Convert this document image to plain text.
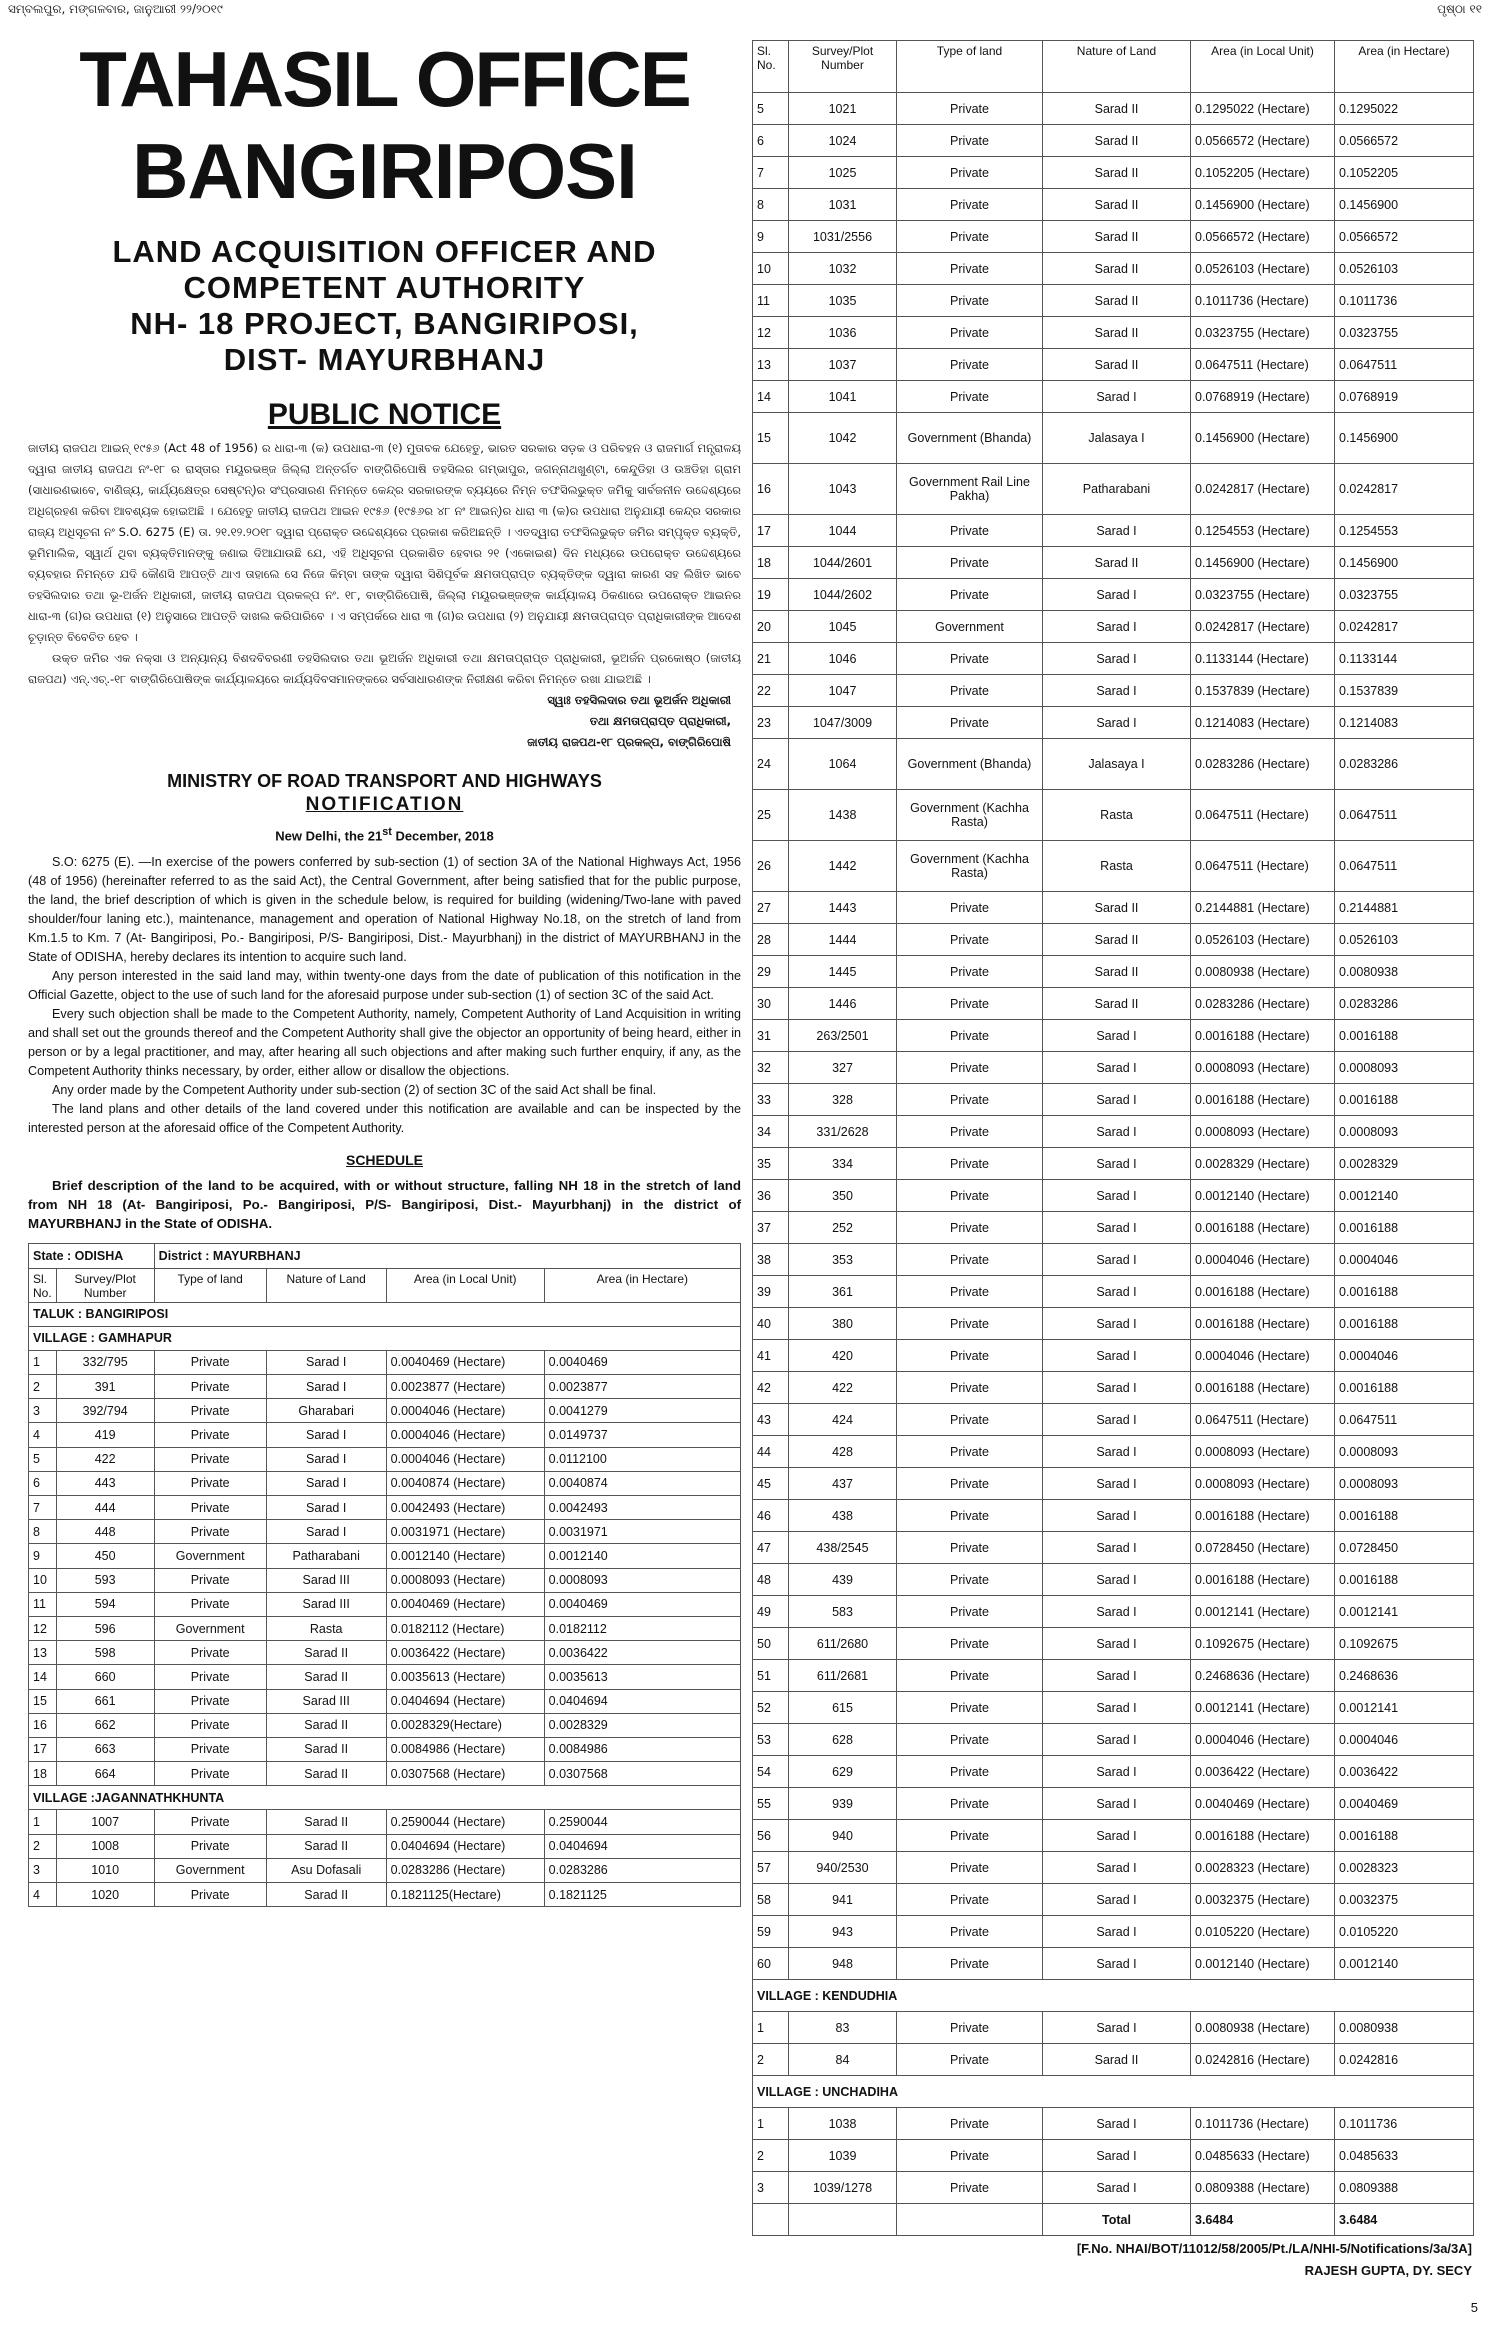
ସମ୍ବଲପୁର, ମଙ୍ଗଳବାର, ଜାନୁଆରୀ ୨୨/୨୦୧୯	ପୃଷ୍ଠା ୧୧
TAHASIL OFFICE
BANGIRIPOSI
LAND ACQUISITION OFFICER AND
COMPETENT AUTHORITY
NH- 18 PROJECT, BANGIRIPOSI,
DIST- MAYURBHANJ
PUBLIC NOTICE

ଜାତୀୟ ରାଜପଥ ଆଇନ୍ ୧୯୫୬ (Act 48 of 1956) ର ଧାରା-୩ (କ) ଉପଧାରା-୩ (୧) ମୁତାବକ ଯେହେତୁ, ଭାରତ ସରକାର ସଡ଼କ ଓ ପରିବହନ ଓ ରାଜମାର୍ଗ ମନ୍ତ୍ରାଳୟ ଦ୍ୱାରା ଜାତୀୟ ରାଜପଥ ନଂ-୧୮ ର ରାସ୍ତାର ମୟୂରଭଞ୍ଜ ଜିଲ୍ଲା ଅନ୍ତର୍ଗତ ବାଙ୍ଗିରିପୋଷି ତହସିଲର ଗମ୍ଭାପୁର, ଜଗନ୍ନାଥଖୁଣ୍ଟା, କେନ୍ଦୁଡିହା ଓ ଉଞ୍ଚଡିହା ଗ୍ରାମ (ସାଧାରଣଭାବେ, ବାଣିଜ୍ୟ, କାର୍ଯ୍ୟକ୍ଷେତ୍ର ସେଷ୍ଟନ୍)ର ସଂପ୍ରସାରଣ ନିମନ୍ତେ କେନ୍ଦ୍ର ସରକାରଙ୍କ ବ୍ୟୟରେ ନିମ୍ନ ତଫସିଲଭୁକ୍ତ ଜମିକୁ ସାର୍ବଜନୀନ ଉଦ୍ଦେଶ୍ୟରେ ଅଧିଗ୍ରହଣ କରିବା ଆବଶ୍ୟକ ହୋଇଅଛି । ଯେହେତୁ ଜାତୀୟ ରାଜପଥ ଆଇନ ୧୯୫୬ (୧୯୫୬ର ୪୮ ନଂ ଆଇନ୍)ର ଧାରା ୩ (କ)ର ଉପଧାରା ଅନୁଯାୟୀ କେନ୍ଦ୍ର ସରକାର ରାଜ୍ୟ ଅଧିସୂଚନା ନଂ S.O. 6275 (E) ତା. ୨୧.୧୨.୨୦୧୮ ଦ୍ୱାରା ପ୍ରୋକ୍ତ ଉଦ୍ଦେଶ୍ୟରେ ପ୍ରକାଶ କରିଅଛନ୍ତି । ଏତଦ୍ୱାରା ତଫସିଲଭୁକ୍ତ ଜମିର ସମ୍ପୃକ୍ତ ବ୍ୟକ୍ତି, ଭୂମିମାଲିକ, ସ୍ୱାର୍ଥ ଥିବା ବ୍ୟକ୍ତିମାନଙ୍କୁ ଜଣାଇ ଦିଆଯାଉଛି ଯେ, ଏହି ଅଧିସୂଚନା ପ୍ରକାଶିତ ହେବାର ୨୧ (ଏକୋଇଶ) ଦିନ ମଧ୍ୟରେ ଉପରୋକ୍ତ ଉଦ୍ଦେଶ୍ୟରେ ବ୍ୟବହାର ନିମନ୍ତେ ଯଦି କୌଣସି ଆପତ୍ତି ଥାଏ ତାହାଲେ ସେ ନିଜେ କିମ୍ବା ତାଙ୍କ ଦ୍ୱାରା ସିଶିପୂର୍ବକ କ୍ଷମତାପ୍ରାପ୍ତ ବ୍ୟକ୍ତିଙ୍କ ଦ୍ୱାରା କାରଣ ସହ ଲିଖିତ ଭାବେ ତହସିଲଦାର ତଥା ଭୂ-ଅର୍ଜନ ଅଧିକାରୀ, ଜାତୀୟ ରାଜପଥ ପ୍ରକଳ୍ପ ନଂ. ୧୮, ବାଙ୍ଗିରିପୋଷି, ଜିଲ୍ଲା ମୟୂରଭଞ୍ଜଙ୍କ କାର୍ଯ୍ୟାଳୟ ଠିକଣାରେ ଉପରୋକ୍ତ ଆଇନର ଧାରା-୩ (ଗ)ର ଉପଧାରା (୧) ଅନୁସାରେ ଆପତ୍ତି ଦାଖଲ କରିପାରିବେ । ଏ ସମ୍ପର୍କରେ ଧାରା ୩ (ଗ)ର ଉପଧାରା (୨) ଅନୁଯାୟୀ କ୍ଷମତାପ୍ରାପ୍ତ ପ୍ରାଧିକାରୀଙ୍କ ଆଦେଶ ଚୂଡ଼ାନ୍ତ ବିବେଚିତ ହେବ ।

ଉକ୍ତ ଜମିର ଏକ ନକ୍ସା ଓ ଅନ୍ୟାନ୍ୟ ବିଶଦବିବରଣୀ ତହସିଲଦାର ତଥା ଭୂଅର୍ଜନ ଅଧିକାରୀ ତଥା କ୍ଷମତାପ୍ରାପ୍ତ ପ୍ରାଧିକାରୀ, ଭୂଅର୍ଜନ ପ୍ରକୋଷ୍ଠ (ଜାତୀୟ ରାଜପଥ) ଏନ୍.ଏଚ୍.-୧୮ ବାଙ୍ଗିରିପୋଷିଙ୍କ କାର୍ଯ୍ୟାଳୟରେ କାର୍ଯ୍ୟଦିବସମାନଙ୍କରେ ସର୍ବସାଧାରଣଙ୍କ ନିରୀକ୍ଷଣ କରିବା ନିମନ୍ତେ ରଖା ଯାଇଅଛି ।

ସ୍ୱାଃ ତହସିଲଦାର ତଥା ଭୂଅର୍ଜନ ଅଧିକାରୀ
ତଥା କ୍ଷମତାପ୍ରାପ୍ତ ପ୍ରାଧିକାରୀ,
ଜାତୀୟ ରାଜପଥ-୧୮ ପ୍ରକଳ୍ପ, ବାଙ୍ଗିରିପୋଷି
MINISTRY OF ROAD TRANSPORT AND HIGHWAYS
NOTIFICATION
New Delhi, the 21st December, 2018

S.O: 6275 (E). —In exercise of the powers conferred by sub-section (1) of section 3A of the National Highways Act, 1956 (48 of 1956) (hereinafter referred to as the said Act), the Central Government, after being satisfied that for the public purpose, the land, the brief description of which is given in the schedule below, is required for building (widening/Two-lane with paved shoulder/four laning etc.), maintenance, management and operation of National Highway No.18, on the stretch of land from Km.1.5 to Km. 7 (At- Bangiriposi, Po.- Bangiriposi, P/S- Bangiriposi, Dist.- Mayurbhanj) in the district of MAYURBHANJ in the State of ODISHA, hereby declares its intention to acquire such land.

Any person interested in the said land may, within twenty-one days from the date of publication of this notification in the Official Gazette, object to the use of such land for the aforesaid purpose under sub-section (1) of section 3C of the said Act.

Every such objection shall be made to the Competent Authority, namely, Competent Authority of Land Acquisition in writing and shall set out the grounds thereof and the Competent Authority shall give the objector an opportunity of being heard, either in person or by a legal practitioner, and may, after hearing all such objections and after making such further enquiry, if any, as the Competent Authority thinks necessary, by order, either allow or disallow the objections.

Any order made by the Competent Authority under sub-section (2) of section 3C of the said Act shall be final.

The land plans and other details of the land covered under this notification are available and can be inspected by the interested person at the aforesaid office of the Competent Authority.

SCHEDULE
Brief description of the land to be acquired, with or without structure, falling NH 18 in the stretch of land from NH 18 (At- Bangiriposi, Po.- Bangiriposi, P/S- Bangiriposi, Dist.- Mayurbhanj) in the district of MAYURBHANJ in the State of ODISHA.
State : ODISHA		District : MAYURBHANJ			
Sl. No.	Survey/Plot Number	Type of land	Nature of Land	Area (in Local Unit)	Area (in Hectare)
TALUK : BANGIRIPOSI					
VILLAGE : GAMHAPUR					
1	332/795	Private	Sarad I	0.0040469 (Hectare)	0.0040469
2	391	Private	Sarad I	0.0023877 (Hectare)	0.0023877
3	392/794	Private	Gharabari	0.0004046 (Hectare)	0.0041279
4	419	Private	Sarad I	0.0004046 (Hectare)	0.0149737
5	422	Private	Sarad I	0.0004046 (Hectare)	0.0112100
6	443	Private	Sarad I	0.0040874 (Hectare)	0.0040874
7	444	Private	Sarad I	0.0042493 (Hectare)	0.0042493
8	448	Private	Sarad I	0.0031971 (Hectare)	0.0031971
9	450	Government	Patharabani	0.0012140 (Hectare)	0.0012140
10	593	Private	Sarad III	0.0008093 (Hectare)	0.0008093
11	594	Private	Sarad III	0.0040469 (Hectare)	0.0040469
12	596	Government	Rasta	0.0182112 (Hectare)	0.0182112
13	598	Private	Sarad II	0.0036422 (Hectare)	0.0036422
14	660	Private	Sarad II	0.0035613 (Hectare)	0.0035613
15	661	Private	Sarad III	0.0404694 (Hectare)	0.0404694
16	662	Private	Sarad II	0.0028329(Hectare)	0.0028329
17	663	Private	Sarad II	0.0084986 (Hectare)	0.0084986
18	664	Private	Sarad II	0.0307568 (Hectare)	0.0307568
VILLAGE :JAGANNATHKHUNTA					
1	1007	Private	Sarad II	0.2590044 (Hectare)	0.2590044
2	1008	Private	Sarad II	0.0404694 (Hectare)	0.0404694
3	1010	Government	Asu Dofasali	0.0283286 (Hectare)	0.0283286
4	1020	Private	Sarad II	0.1821125(Hectare)	0.1821125
Sl. No.	Survey/Plot Number	Type of land	Nature of Land	Area (in Local Unit)	Area (in Hectare)
5	1021	Private	Sarad II	0.1295022 (Hectare)	0.1295022
6	1024	Private	Sarad II	0.0566572 (Hectare)	0.0566572
7	1025	Private	Sarad II	0.1052205 (Hectare)	0.1052205
8	1031	Private	Sarad II	0.1456900 (Hectare)	0.1456900
9	1031/2556	Private	Sarad II	0.0566572 (Hectare)	0.0566572
10	1032	Private	Sarad II	0.0526103 (Hectare)	0.0526103
11	1035	Private	Sarad II	0.1011736 (Hectare)	0.1011736
12	1036	Private	Sarad II	0.0323755 (Hectare)	0.0323755
13	1037	Private	Sarad II	0.0647511 (Hectare)	0.0647511
14	1041	Private	Sarad I	0.0768919 (Hectare)	0.0768919
15	1042	Government (Bhanda)	Jalasaya I	0.1456900 (Hectare)	0.1456900
16	1043	Government Rail Line Pakha)	Patharabani	0.0242817 (Hectare)	0.0242817
17	1044	Private	Sarad I	0.1254553 (Hectare)	0.1254553
18	1044/2601	Private	Sarad II	0.1456900 (Hectare)	0.1456900
19	1044/2602	Private	Sarad I	0.0323755 (Hectare)	0.0323755
20	1045	Government	Sarad I	0.0242817 (Hectare)	0.0242817
21	1046	Private	Sarad I	0.1133144 (Hectare)	0.1133144
22	1047	Private	Sarad I	0.1537839 (Hectare)	0.1537839
23	1047/3009	Private	Sarad I	0.1214083 (Hectare)	0.1214083
24	1064	Government (Bhanda)	Jalasaya I	0.0283286 (Hectare)	0.0283286
25	1438	Government (Kachha Rasta)	Rasta	0.0647511 (Hectare)	0.0647511
26	1442	Government (Kachha Rasta)	Rasta	0.0647511 (Hectare)	0.0647511
27	1443	Private	Sarad II	0.2144881 (Hectare)	0.2144881
28	1444	Private	Sarad II	0.0526103 (Hectare)	0.0526103
29	1445	Private	Sarad II	0.0080938 (Hectare)	0.0080938
30	1446	Private	Sarad II	0.0283286 (Hectare)	0.0283286
31	263/2501	Private	Sarad I	0.0016188 (Hectare)	0.0016188
32	327	Private	Sarad I	0.0008093 (Hectare)	0.0008093
33	328	Private	Sarad I	0.0016188 (Hectare)	0.0016188
34	331/2628	Private	Sarad I	0.0008093 (Hectare)	0.0008093
35	334	Private	Sarad I	0.0028329 (Hectare)	0.0028329
36	350	Private	Sarad I	0.0012140 (Hectare)	0.0012140
37	252	Private	Sarad I	0.0016188 (Hectare)	0.0016188
38	353	Private	Sarad I	0.0004046 (Hectare)	0.0004046
39	361	Private	Sarad I	0.0016188 (Hectare)	0.0016188
40	380	Private	Sarad I	0.0016188 (Hectare)	0.0016188
41	420	Private	Sarad I	0.0004046 (Hectare)	0.0004046
42	422	Private	Sarad I	0.0016188 (Hectare)	0.0016188
43	424	Private	Sarad I	0.0647511 (Hectare)	0.0647511
44	428	Private	Sarad I	0.0008093 (Hectare)	0.0008093
45	437	Private	Sarad I	0.0008093 (Hectare)	0.0008093
46	438	Private	Sarad I	0.0016188 (Hectare)	0.0016188
47	438/2545	Private	Sarad I	0.0728450 (Hectare)	0.0728450
48	439	Private	Sarad I	0.0016188 (Hectare)	0.0016188
49	583	Private	Sarad I	0.0012141 (Hectare)	0.0012141
50	611/2680	Private	Sarad I	0.1092675 (Hectare)	0.1092675
51	611/2681	Private	Sarad I	0.2468636 (Hectare)	0.2468636
52	615	Private	Sarad I	0.0012141 (Hectare)	0.0012141
53	628	Private	Sarad I	0.0004046 (Hectare)	0.0004046
54	629	Private	Sarad I	0.0036422 (Hectare)	0.0036422
55	939	Private	Sarad I	0.0040469 (Hectare)	0.0040469
56	940	Private	Sarad I	0.0016188 (Hectare)	0.0016188
57	940/2530	Private	Sarad I	0.0028323 (Hectare)	0.0028323
58	941	Private	Sarad I	0.0032375 (Hectare)	0.0032375
59	943	Private	Sarad I	0.0105220 (Hectare)	0.0105220
60	948	Private	Sarad I	0.0012140 (Hectare)	0.0012140
VILLAGE : KENDUDHIA					
1	83	Private	Sarad I	0.0080938 (Hectare)	0.0080938
2	84	Private	Sarad II	0.0242816 (Hectare)	0.0242816
VILLAGE : UNCHADIHA					
1	1038	Private	Sarad I	0.1011736 (Hectare)	0.1011736
2	1039	Private	Sarad I	0.0485633 (Hectare)	0.0485633
3	1039/1278	Private	Sarad I	0.0809388 (Hectare)	0.0809388
			Total	3.6484	3.6484
[F.No. NHAI/BOT/11012/58/2005/Pt./LA/NHI-5/Notifications/3a/3A]
RAJESH GUPTA, DY. SECY
5
